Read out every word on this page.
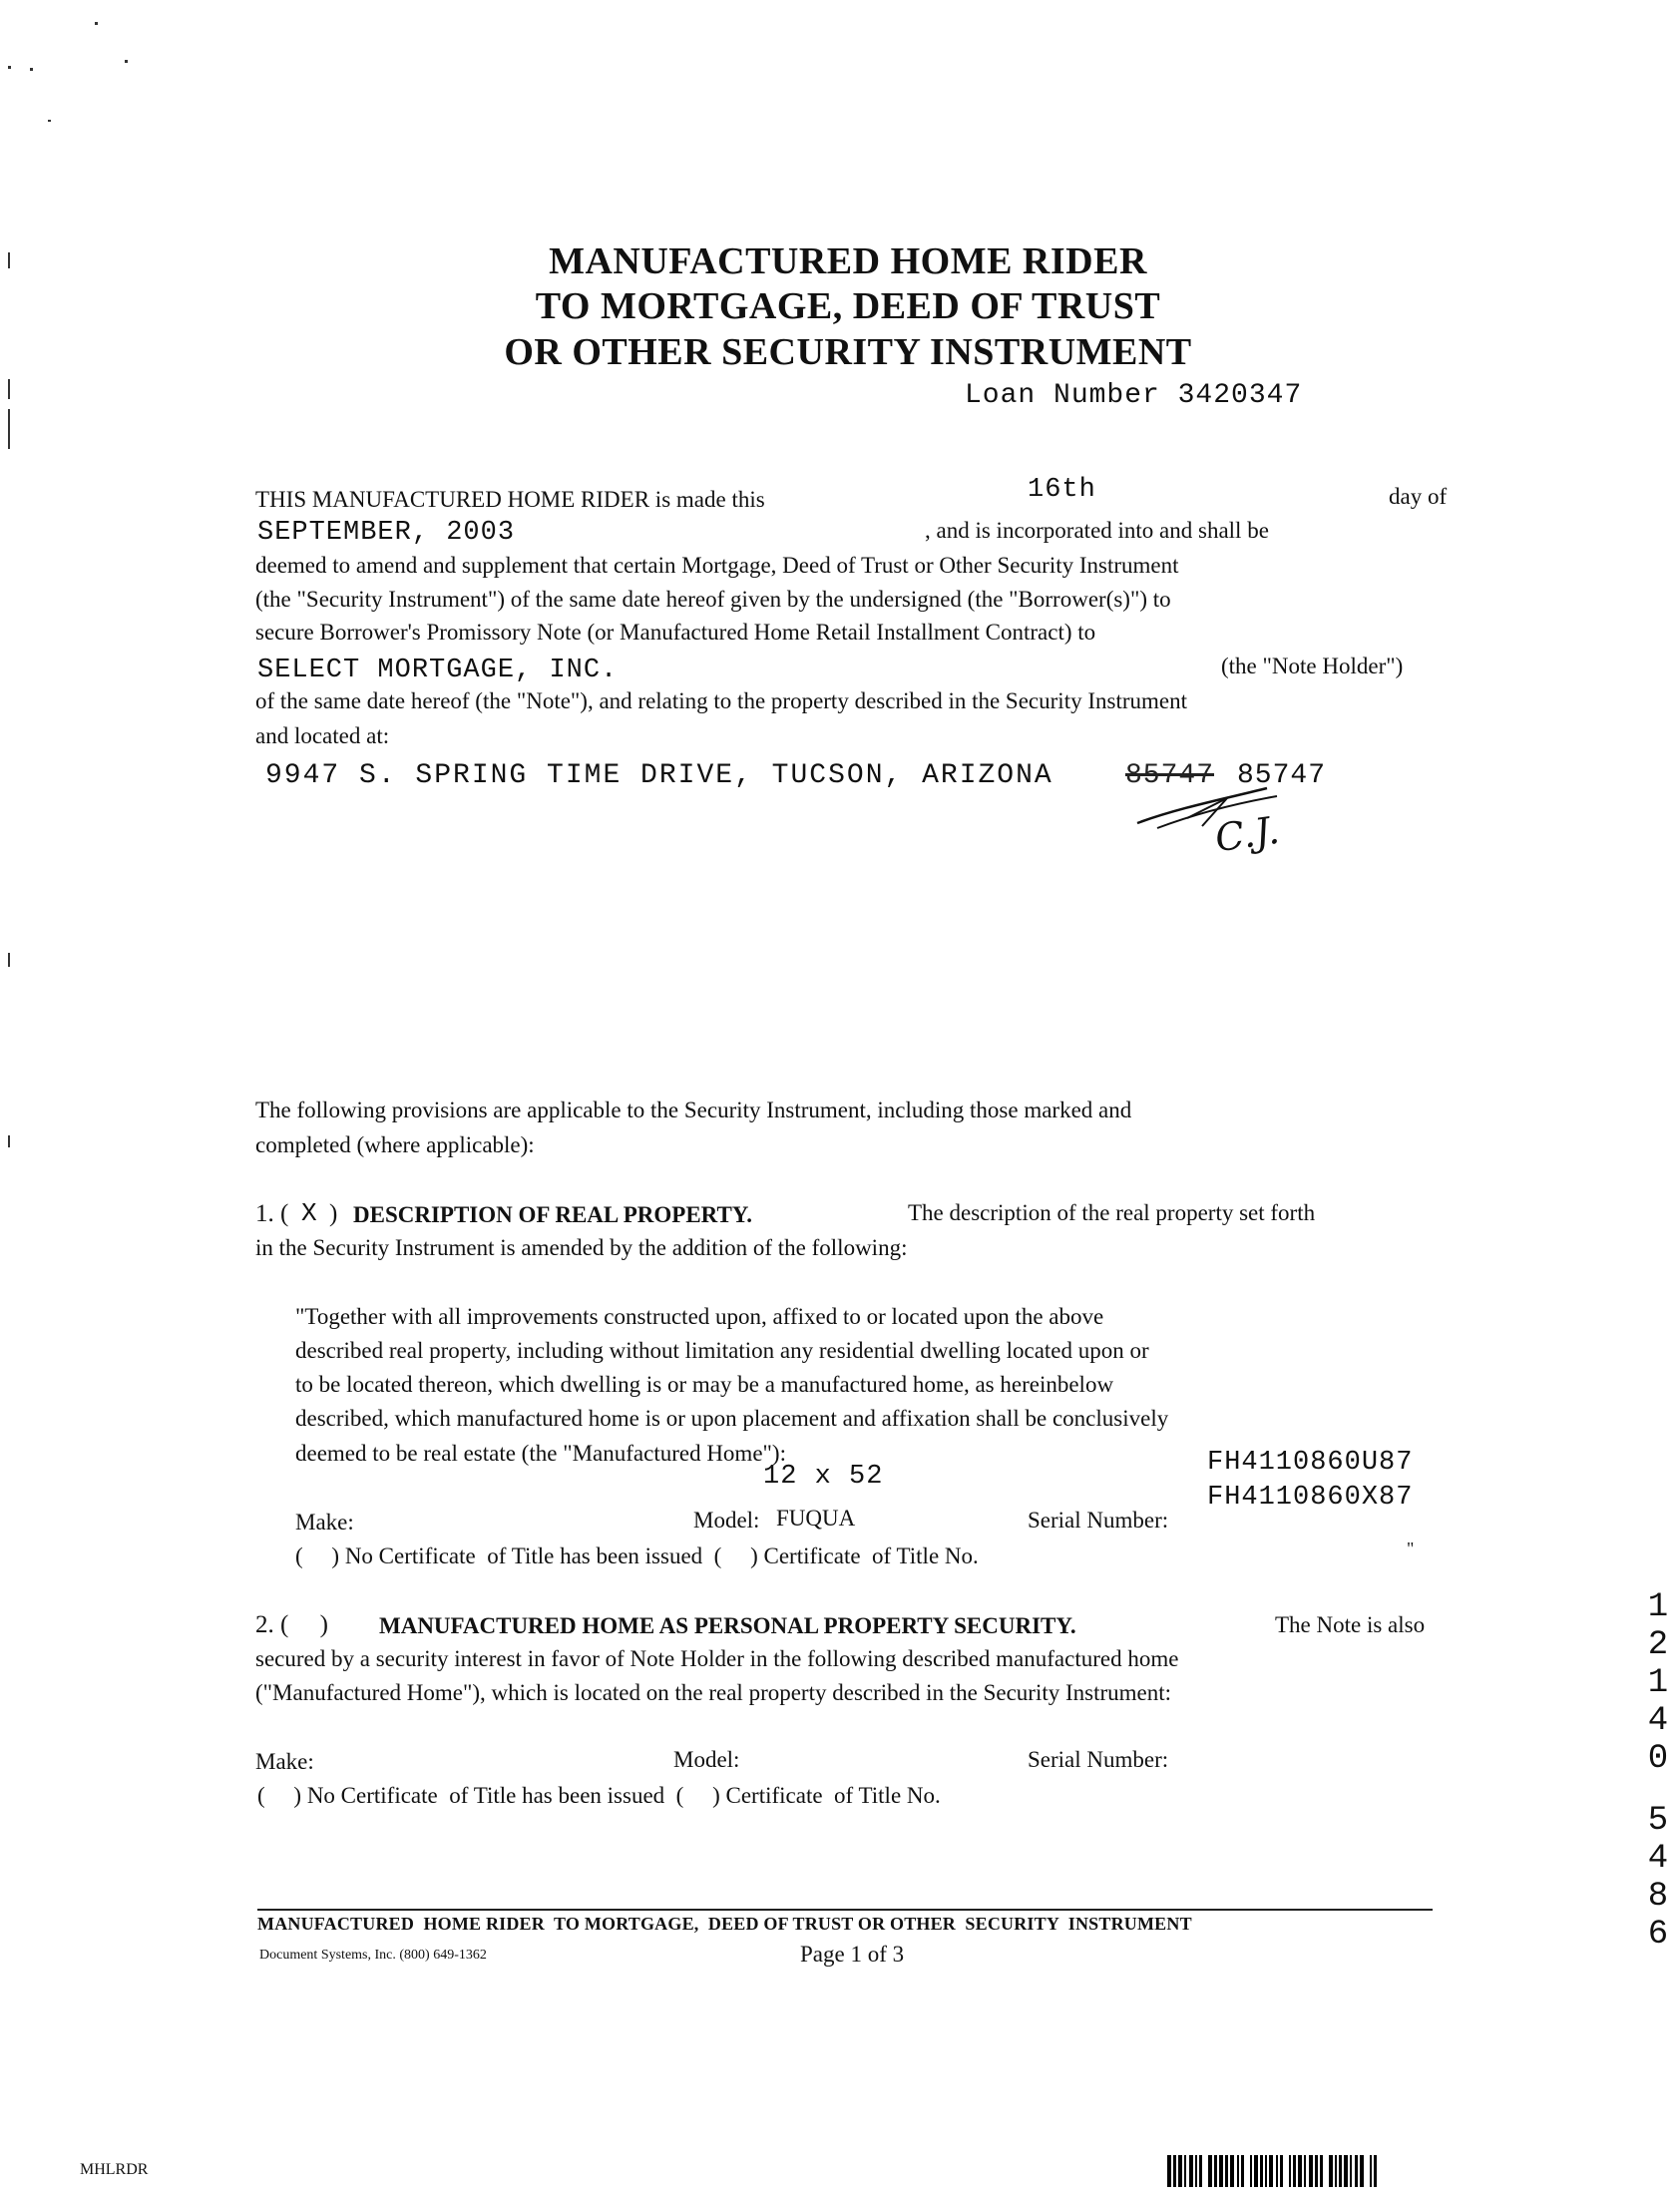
MANUFACTURED HOME RIDER
TO MORTGAGE, DEED OF TRUST
OR OTHER SECURITY INSTRUMENT
Loan Number 3420347
THIS MANUFACTURED HOME RIDER is made this	16th	day of
SEPTEMBER, 2003	, and is incorporated into and shall be
deemed to amend and supplement that certain Mortgage, Deed of Trust or Other Security Instrument
(the "Security Instrument") of the same date hereof given by the undersigned (the "Borrower(s)") to
secure Borrower's Promissory Note (or Manufactured Home Retail Installment Contract) to
SELECT MORTGAGE, INC.	(the "Note Holder")
of the same date hereof (the "Note"), and relating to the property described in the Security Instrument
and located at:
9947 S. SPRING TIME DRIVE, TUCSON, ARIZONA	85747 85747
C.J.
The following provisions are applicable to the Security Instrument, including those marked and
completed (where applicable):
1. ( X ) DESCRIPTION OF REAL PROPERTY.	The description of the real property set forth
in the Security Instrument is amended by the addition of the following:
"Together with all improvements constructed upon, affixed to or located upon the above
described real property, including without limitation any residential dwelling located upon or
to be located thereon, which dwelling is or may be a manufactured home, as hereinbelow
described, which manufactured home is or upon placement and affixation shall be conclusively
deemed to be real estate (the "Manufactured Home"):
12 x 52	FH4110860U87
FH4110860X87
Make:	Model: FUQUA	Serial Number:
(     ) No Certificate  of Title has been issued  (     ) Certificate  of Title No.	"
2. (     ) MANUFACTURED HOME AS PERSONAL PROPERTY SECURITY.	The Note is also
secured by a security interest in favor of Note Holder in the following described manufactured home
("Manufactured Home"), which is located on the real property described in the Security Instrument:
Make:	Model:	Serial Number:
(     ) No Certificate  of Title has been issued  (     ) Certificate  of Title No.
1
2
1
4
0
5
4
8
6
MANUFACTURED  HOME RIDER  TO MORTGAGE,  DEED OF TRUST OR OTHER  SECURITY  INSTRUMENT
Document Systems, Inc. (800) 649-1362	Page 1 of 3
MHLRDR
